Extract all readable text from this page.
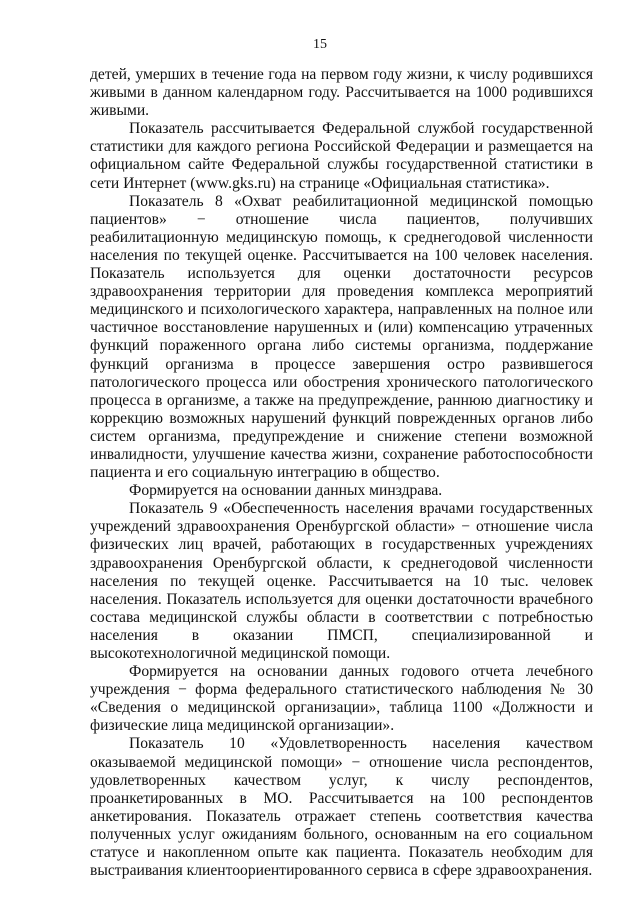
15

детей, умерших в течение года на первом году жизни, к числу родившихся живыми в данном календарном году. Рассчитывается на 1000 родившихся живыми.

Показатель рассчитывается Федеральной службой государственной статистики для каждого региона Российской Федерации и размещается на официальном сайте Федеральной службы государственной статистики в сети Интернет (www.gks.ru) на странице «Официальная статистика».

Показатель 8 «Охват реабилитационной медицинской помощью пациентов» − отношение числа пациентов, получивших реабилитационную медицинскую помощь, к среднегодовой численности населения по текущей оценке. Рассчитывается на 100 человек населения. Показатель используется для оценки достаточности ресурсов здравоохранения территории для проведения комплекса мероприятий медицинского и психологического характера, направленных на полное или частичное восстановление нарушенных и (или) компенсацию утраченных функций пораженного органа либо системы организма, поддержание функций организма в процессе завершения остро развившегося патологического процесса или обострения хронического патологического процесса в организме, а также на предупреждение, раннюю диагностику и коррекцию возможных нарушений функций поврежденных органов либо систем организма, предупреждение и снижение степени возможной инвалидности, улучшение качества жизни, сохранение работоспособности пациента и его социальную интеграцию в общество.

Формируется на основании данных минздрава.

Показатель 9 «Обеспеченность населения врачами государственных учреждений здравоохранения Оренбургской области» − отношение числа физических лиц врачей, работающих в государственных учреждениях здравоохранения Оренбургской области, к среднегодовой численности населения по текущей оценке. Рассчитывается на 10 тыс. человек населения. Показатель используется для оценки достаточности врачебного состава медицинской службы области в соответствии с потребностью населения в оказании ПМСП, специализированной и высокотехнологичной медицинской помощи.

Формируется на основании данных годового отчета лечебного учреждения − форма федерального статистического наблюдения № 30 «Сведения о медицинской организации», таблица 1100 «Должности и физические лица медицинской организации».

Показатель 10 «Удовлетворенность населения качеством оказываемой медицинской помощи» − отношение числа респондентов, удовлетворенных качеством услуг, к числу респондентов, проанкетированных в МО. Рассчитывается на 100 респондентов анкетирования. Показатель отражает степень соответствия качества полученных услуг ожиданиям больного, основанным на его социальном статусе и накопленном опыте как пациента. Показатель необходим для выстраивания клиентоориентированного сервиса в сфере здравоохранения.
